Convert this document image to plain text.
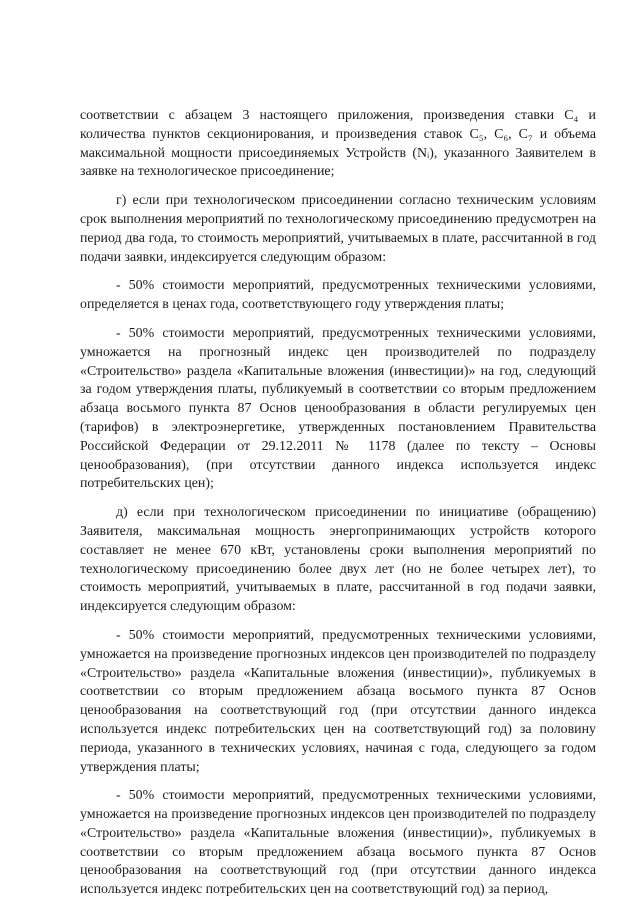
соответствии с абзацем 3 настоящего приложения, произведения ставки С₄ и количества пунктов секционирования, и произведения ставок С₅, С₆, С₇ и объема максимальной мощности присоединяемых Устройств (Nᵢ), указанного Заявителем в заявке на технологическое присоединение;

г) если при технологическом присоединении согласно техническим условиям срок выполнения мероприятий по технологическому присоединению предусмотрен на период два года, то стоимость мероприятий, учитываемых в плате, рассчитанной в год подачи заявки, индексируется следующим образом:

- 50% стоимости мероприятий, предусмотренных техническими условиями, определяется в ценах года, соответствующего году утверждения платы;

- 50% стоимости мероприятий, предусмотренных техническими условиями, умножается на прогнозный индекс цен производителей по подразделу «Строительство» раздела «Капитальные вложения (инвестиции)» на год, следующий за годом утверждения платы, публикуемый в соответствии со вторым предложением абзаца восьмого пункта 87 Основ ценообразования в области регулируемых цен (тарифов) в электроэнергетике, утвержденных постановлением Правительства Российской Федерации от 29.12.2011 № 1178 (далее по тексту – Основы ценообразования), (при отсутствии данного индекса используется индекс потребительских цен);

д) если при технологическом присоединении по инициативе (обращению) Заявителя, максимальная мощность энергопринимающих устройств которого составляет не менее 670 кВт, установлены сроки выполнения мероприятий по технологическому присоединению более двух лет (но не более четырех лет), то стоимость мероприятий, учитываемых в плате, рассчитанной в год подачи заявки, индексируется следующим образом:

- 50% стоимости мероприятий, предусмотренных техническими условиями, умножается на произведение прогнозных индексов цен производителей по подразделу «Строительство» раздела «Капитальные вложения (инвестиции)», публикуемых в соответствии со вторым предложением абзаца восьмого пункта 87 Основ ценообразования на соответствующий год (при отсутствии данного индекса используется индекс потребительских цен на соответствующий год) за половину периода, указанного в технических условиях, начиная с года, следующего за годом утверждения платы;

- 50% стоимости мероприятий, предусмотренных техническими условиями, умножается на произведение прогнозных индексов цен производителей по подразделу «Строительство» раздела «Капитальные вложения (инвестиции)», публикуемых в соответствии со вторым предложением абзаца восьмого пункта 87 Основ ценообразования на соответствующий год (при отсутствии данного индекса используется индекс потребительских цен на соответствующий год) за период,
